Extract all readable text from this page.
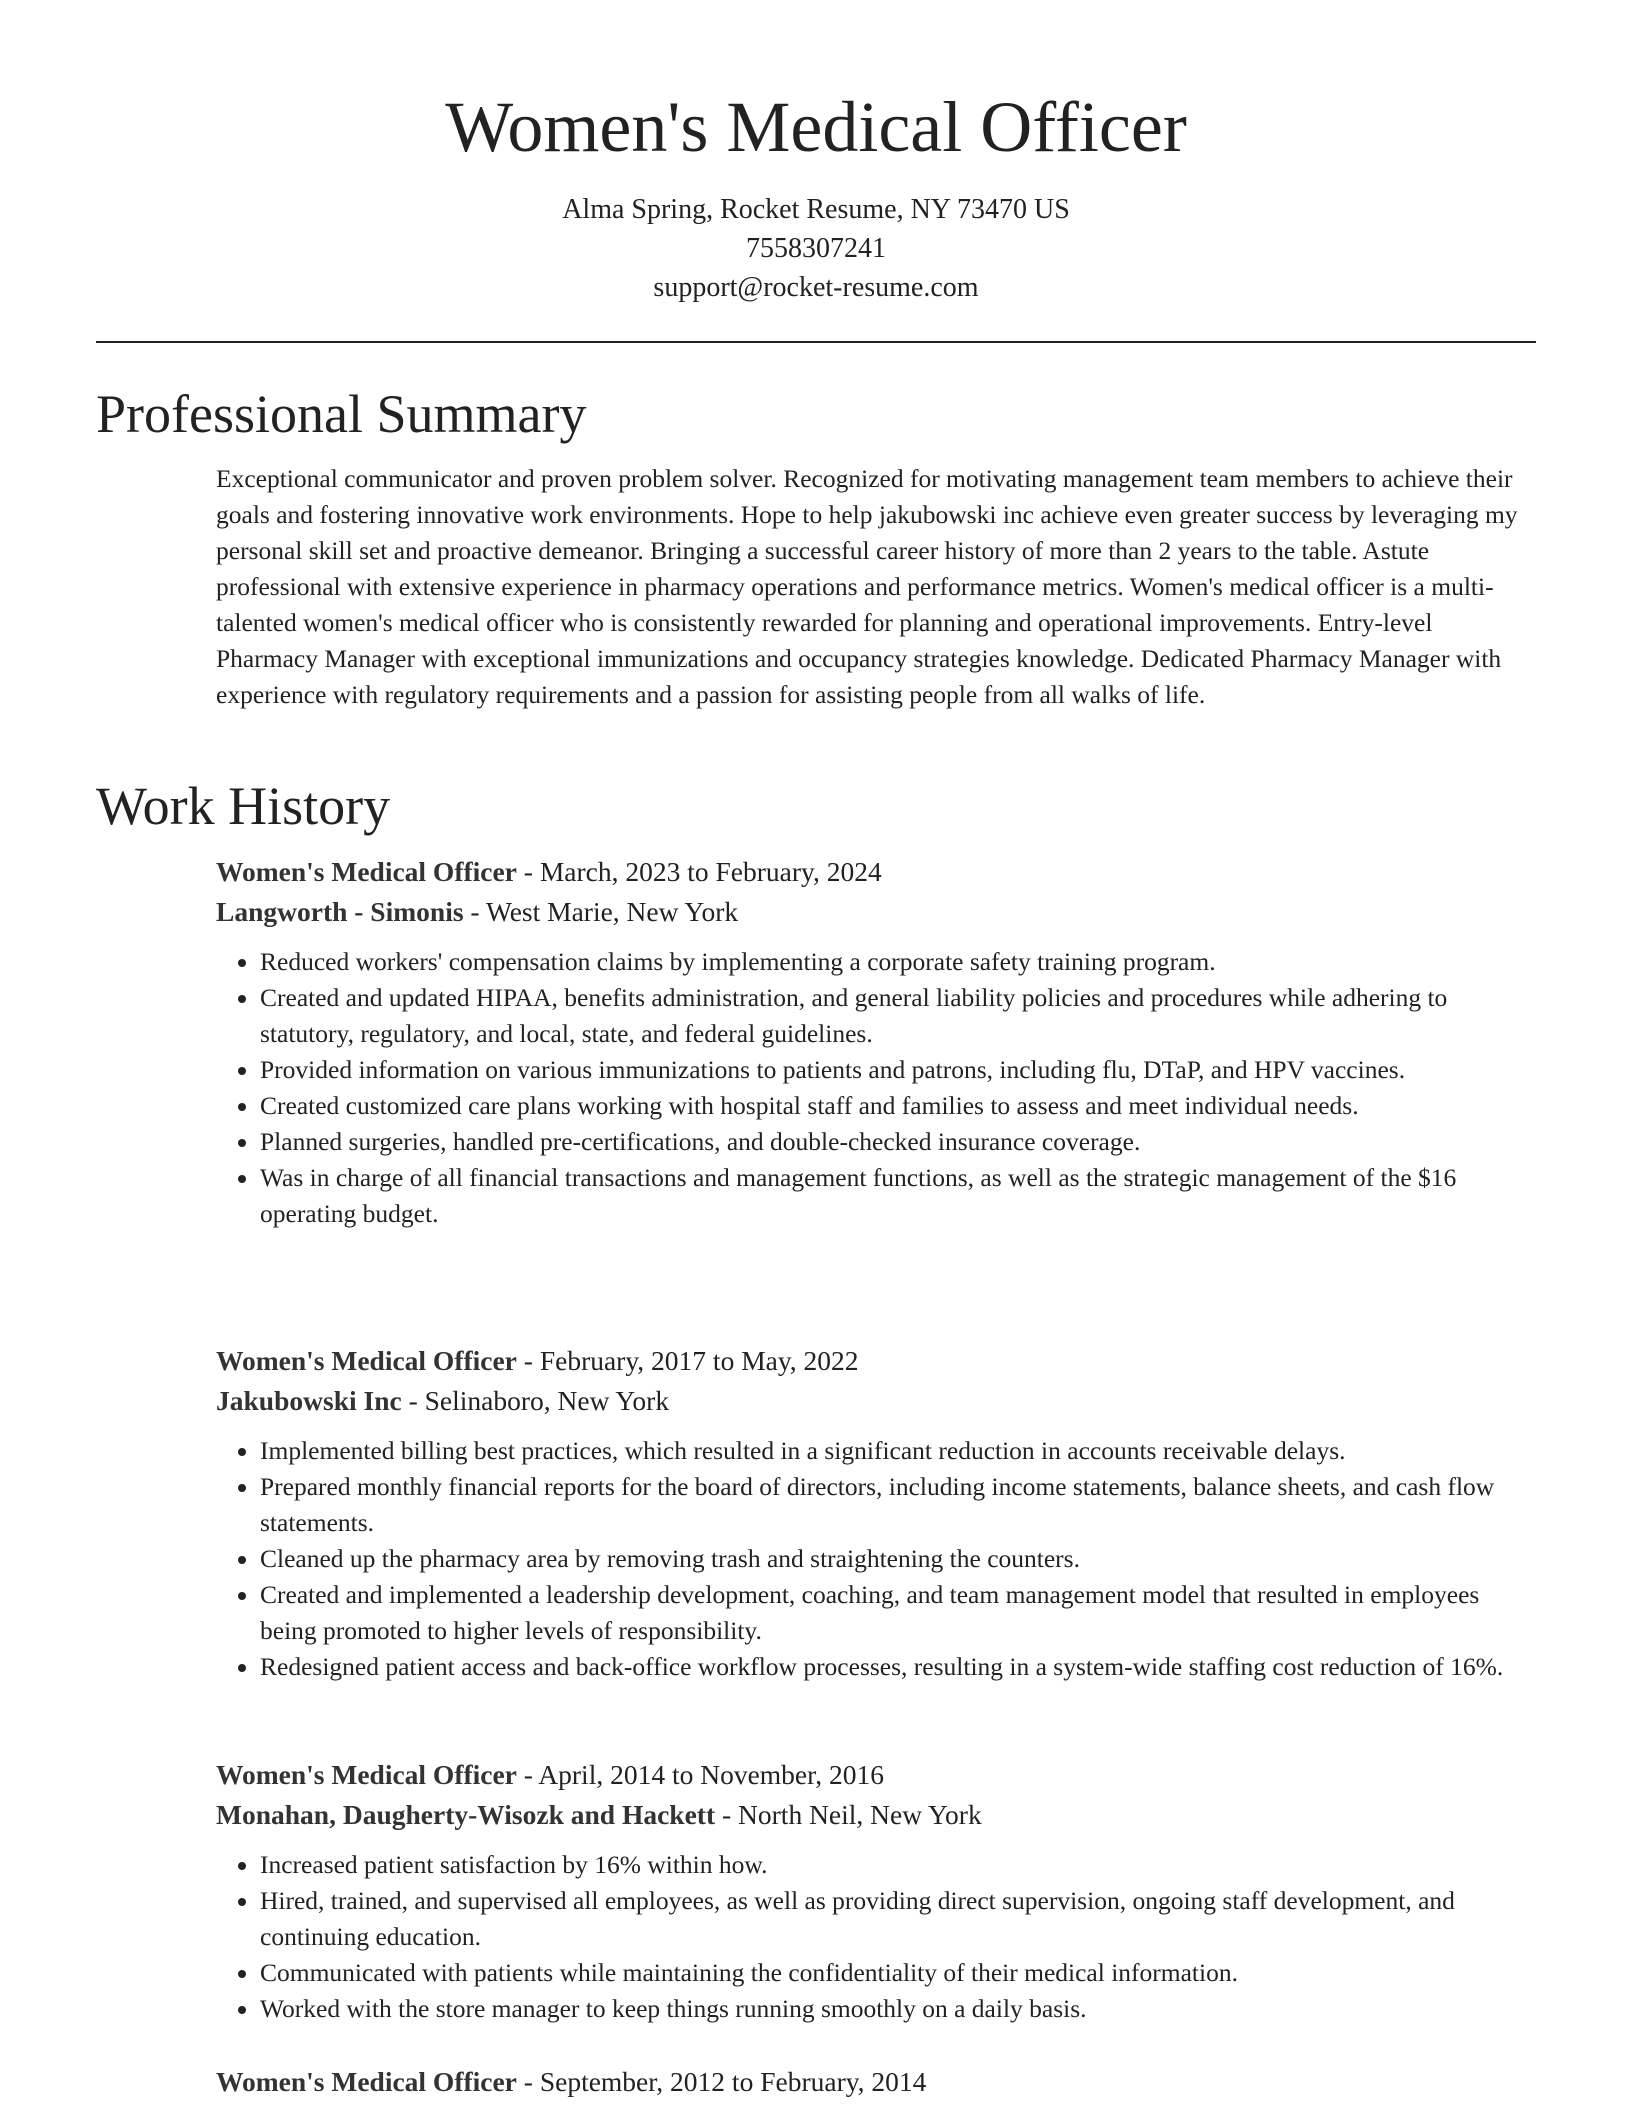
Women's Medical Officer
Alma Spring, Rocket Resume, NY 73470 US
7558307241
support@rocket-resume.com
Professional Summary

Exceptional communicator and proven problem solver. Recognized for motivating management team members to achieve their goals and fostering innovative work environments. Hope to help jakubowski inc achieve even greater success by leveraging my personal skill set and proactive demeanor. Bringing a successful career history of more than 2 years to the table. Astute professional with extensive experience in pharmacy operations and performance metrics. Women's medical officer is a multi-talented women's medical officer who is consistently rewarded for planning and operational improvements. Entry-level Pharmacy Manager with exceptional immunizations and occupancy strategies knowledge. Dedicated Pharmacy Manager with experience with regulatory requirements and a passion for assisting people from all walks of life.

Work History
Women's Medical Officer - March, 2023 to February, 2024
Langworth - Simonis - West Marie, New York
• Reduced workers' compensation claims by implementing a corporate safety training program.
• Created and updated HIPAA, benefits administration, and general liability policies and procedures while adhering to statutory, regulatory, and local, state, and federal guidelines.
• Provided information on various immunizations to patients and patrons, including flu, DTaP, and HPV vaccines.
• Created customized care plans working with hospital staff and families to assess and meet individual needs.
• Planned surgeries, handled pre-certifications, and double-checked insurance coverage.
• Was in charge of all financial transactions and management functions, as well as the strategic management of the $16 operating budget.
Women's Medical Officer - February, 2017 to May, 2022
Jakubowski Inc - Selinaboro, New York
• Implemented billing best practices, which resulted in a significant reduction in accounts receivable delays.
• Prepared monthly financial reports for the board of directors, including income statements, balance sheets, and cash flow statements.
• Cleaned up the pharmacy area by removing trash and straightening the counters.
• Created and implemented a leadership development, coaching, and team management model that resulted in employees being promoted to higher levels of responsibility.
• Redesigned patient access and back-office workflow processes, resulting in a system-wide staffing cost reduction of 16%.
Women's Medical Officer - April, 2014 to November, 2016
Monahan, Daugherty-Wisozk and Hackett - North Neil, New York
• Increased patient satisfaction by 16% within how.
• Hired, trained, and supervised all employees, as well as providing direct supervision, ongoing staff development, and continuing education.
• Communicated with patients while maintaining the confidentiality of their medical information.
• Worked with the store manager to keep things running smoothly on a daily basis.
Women's Medical Officer - September, 2012 to February, 2014
